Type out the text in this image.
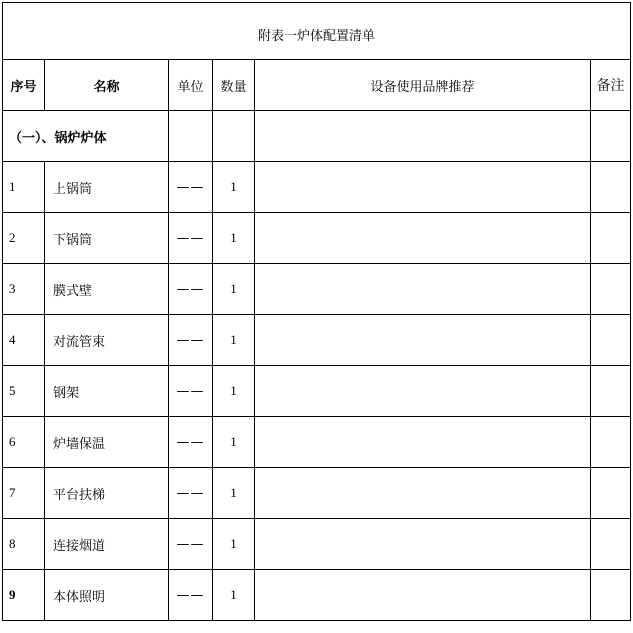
附表一炉体配置清单					
序号	名称	单位	数量	设备使用品牌推荐	备注
（一）、锅炉炉体					
1	上锅筒	——	1		
2	下锅筒	——	1		
3	膜式壁	——	1		
4	对流管束	——	1		
5	钢架	——	1		
6	炉墙保温	——	1		
7	平台扶梯	——	1		
8	连接烟道	——	1		
9	本体照明	——	1		
